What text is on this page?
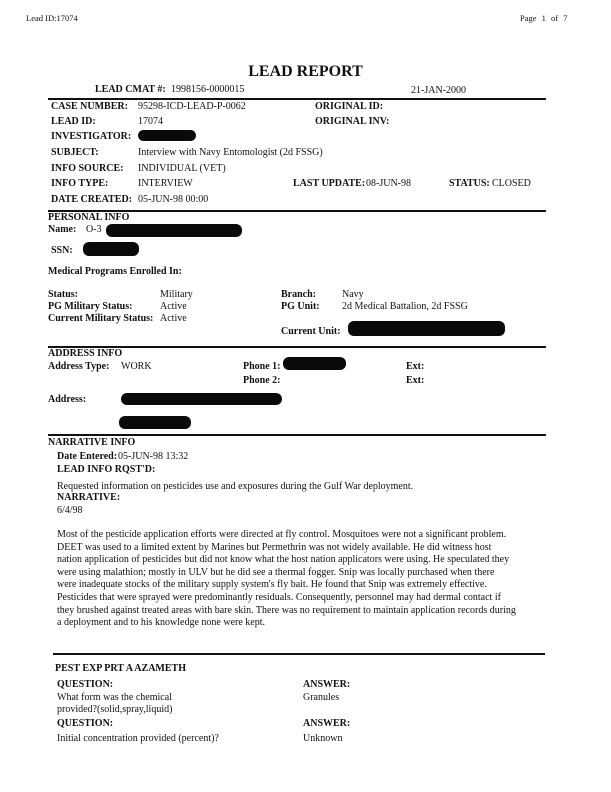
Lead ID:17074	Page 1 of 7
LEAD REPORT
LEAD CMAT #: 1998156-0000015	21-JAN-2000
CASE NUMBER: 95298-ICD-LEAD-P-0062	ORIGINAL ID:
LEAD ID:	17074	ORIGINAL INV:
INVESTIGATOR:
SUBJECT:	Interview with Navy Entomologist (2d FSSG)
INFO SOURCE: INDIVIDUAL (VET)
INFO TYPE:	INTERVIEW	LAST UPDATE: 08-JUN-98	STATUS: CLOSED
DATE CREATED: 05-JUN-98 00:00
PERSONAL INFO
Name: O-3
SSN:
Medical Programs Enrolled In:
Status:	Military	Branch:	Navy
PG Military Status:	Active	PG Unit: 2d Medical Battalion, 2d FSSG
Current Military Status: Active
Current Unit:
ADDRESS INFO
Address Type: WORK	Phone 1:	Ext:
Phone 2:	Ext:
Address:
NARRATIVE INFO
Date Entered: 05-JUN-98 13:32
LEAD INFO RQST'D:
Requested information on pesticides use and exposures during the Gulf War deployment.
NARRATIVE:
6/4/98
Most of the pesticide application efforts were directed at fly control. Mosquitoes were not a significant problem.
DEET was used to a limited extent by Marines but Permethrin was not widely available. He did witness host
nation application of pesticides but did not know what the host nation applicators were using. He speculated they
were using malathion; mostly in ULV but he did see a thermal fogger. Snip was locally purchased when there
were inadequate stocks of the military supply system's fly bait. He found that Snip was extremely effective.
Pesticides that were sprayed were predominantly residuals. Consequently, personnel may had dermal contact if
they brushed against treated areas with bare skin. There was no requirement to maintain application records during
a deployment and to his knowledge none were kept.
PEST EXP PRT A AZAMETH
QUESTION:	ANSWER:
What form was the chemical
provided?(solid,spray,liquid)
Granules
QUESTION:	ANSWER:
Initial concentration provided (percent)?	Unknown
